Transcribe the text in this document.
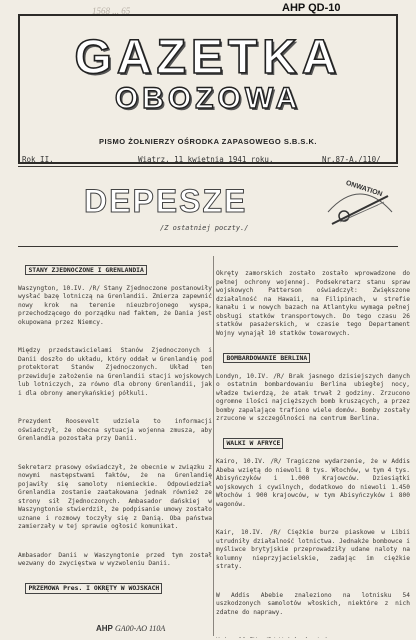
1568 ... 65	AHP QD-10
GAZETKA
OBOZOWA
PISMO ŻOŁNIERZY OŚRODKA ZAPASOWEGO S.B.S.K.
Rok II.	Wiatrz, 11 kwietnia 1941 roku.	Nr.87-A./110/
DEPESZE
/Z ostatniej poczty./
ONWATION

STANY ZJEDNOCZONE I GRENLANDIA

Waszyngton, 10.IV. /R/ Stany Zjednoczone postanowiły wysłać bazę lotniczą na Grenlandii. Zmierza zapewnić nowy krok na terenie nieuzbrojonego wyspa, przechodzącego do porządku nad faktem, że Dania jest okupowana przez Niemcy.

Między przedstawicielami Stanów Zjednoczonych i Danii doszło do układu, który oddał w Grenlandię pod protektorat Stanów Zjednoczonych. Układ ten przewiduje założenie na Grenlandii stacji wojskowych lub lotniczych, za równo dla obrony Grenlandii, jak i dla obrony amerykańskiej półkuli.

Prezydent Roosevelt udziela to informacji oświadczył, że obecna sytuacja wojenna zmusza, aby Grenlandia pozostała przy Danii.

Sekretarz prasowy oświadczył, że obecnie w związku z nowymi następstwami faktów, że na Grenlandię pojawiły się samoloty niemieckie. Odpowiedział Grenlandia zostanie zaatakowana jednak również ze strony sił Zjednoczonych. Ambasador dańskiej w Waszyngtonie stwierdził, że podpisanie umowy zostało uznane i rozmowy toczyły się z Danią. Oba państwa zamierzały w tej sprawie ogłosić komunikat.

Ambasador Danii w Waszyngtonie przed tym został wezwany do zwycięstwa w wyzwoleniu Danii.

PRZEMOWA Pres. I OKRĘTY W WOJSKACH

Okręty zamorskich zostało zostało wprowadzone do pełnej ochrony wojennej. Podsekretarz stanu spraw wojskowych Patterson oświadczył: Zwiększone działalność na Hawaii, na Filipinach, w strefie kanału i w nowych bazach na Atlantyku wymaga pełnej obsługi statków transportowych. Do tego czasu 26 statków pasażerskich, w czasie tego Departament Wojny wynajął 10 statków towarowych.

BOMBARDOWANIE BERLINA

Londyn, 10.IV. /R/ Brak jasnego dzisiejszych danych o ostatnim bombardowaniu Berlina ubiegłej nocy, władze twierdzą, że atak trwał 2 godziny. Zrzucono ogromne ilości najcięższych bomb kruszących, a przez bomby zapalające trafiono wiele domów. Bomby zostały zrzucone w szczególności na centrum Berlina.

WALKI W AFRYCE

Kairo, 10.IV. /R/ Tragiczne wydarzenie, że w Addis Abeba wziętą do niewoli 8 tys. Włochów, w tym 4 tys. Abisyńczyków i 1.000 Krajowców. Dziesiątki wojskowych i cywilnych, dodatkowo do niewoli 1.450 Włochów i 900 krajowców, w tym Abisyńczyków i 800 wagonów.

Kair, 10.IV. /R/ Ciężkie burze piaskowe w Libii utrudniły działalność lotnictwa. Jednakże bombowce i myśliwce brytyjskie przeprowadziły udane naloty na kolumny nieprzyjacielskie, zadając im ciężkie straty.

W Addis Abebie znaleziono na lotnisku 54 uszkodzonych samolotów włoskich, niektóre z nich zdatne do naprawy.

AHP GA00-AO 110A
